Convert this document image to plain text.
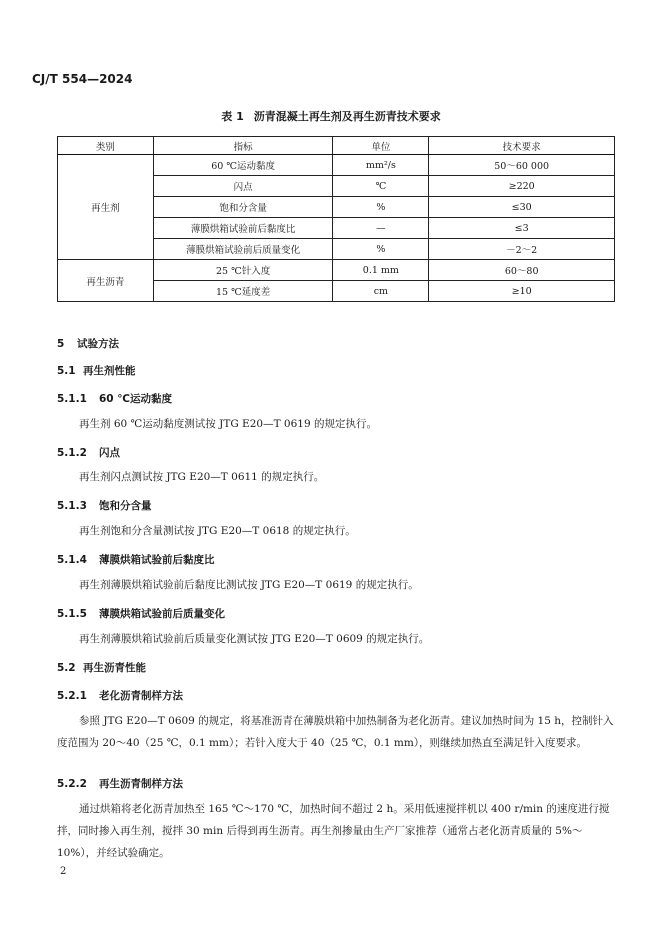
CJ/T 554—2024
表 1 沥青混凝土再生剂及再生沥青技术要求
类别	指标	单位	技术要求
再生剂	60 ℃运动黏度	mm²/s	50～60 000
	闪点	℃	≥220
	饱和分含量	%	≤30
	薄膜烘箱试验前后黏度比	—	≤3
	薄膜烘箱试验前后质量变化	%	－2～2
再生沥青	25 ℃针入度	0.1 mm	60～80
	15 ℃延度差	cm	≥10
5 试验方法
5.1 再生剂性能
5.1.1 60 ℃运动黏度
再生剂 60 ℃运动黏度测试按 JTG E20—T 0619 的规定执行。
5.1.2 闪点
再生剂闪点测试按 JTG E20—T 0611 的规定执行。
5.1.3 饱和分含量
再生剂饱和分含量测试按 JTG E20—T 0618 的规定执行。
5.1.4 薄膜烘箱试验前后黏度比
再生剂薄膜烘箱试验前后黏度比测试按 JTG E20—T 0619 的规定执行。
5.1.5 薄膜烘箱试验前后质量变化
再生剂薄膜烘箱试验前后质量变化测试按 JTG E20—T 0609 的规定执行。
5.2 再生沥青性能
5.2.1 老化沥青制样方法
参照 JTG E20—T 0609 的规定，将基准沥青在薄膜烘箱中加热制备为老化沥青。建议加热时间为 15 h，控制针入度范围为 20～40（25 ℃，0.1 mm）；若针入度大于 40（25 ℃，0.1 mm），则继续加热直至满足针入度要求。
5.2.2 再生沥青制样方法
通过烘箱将老化沥青加热至 165 ℃～170 ℃，加热时间不超过 2 h。采用低速搅拌机以 400 r/min 的速度进行搅拌，同时掺入再生剂，搅拌 30 min 后得到再生沥青。再生剂掺量由生产厂家推荐（通常占老化沥青质量的 5%～10%），并经试验确定。
2
